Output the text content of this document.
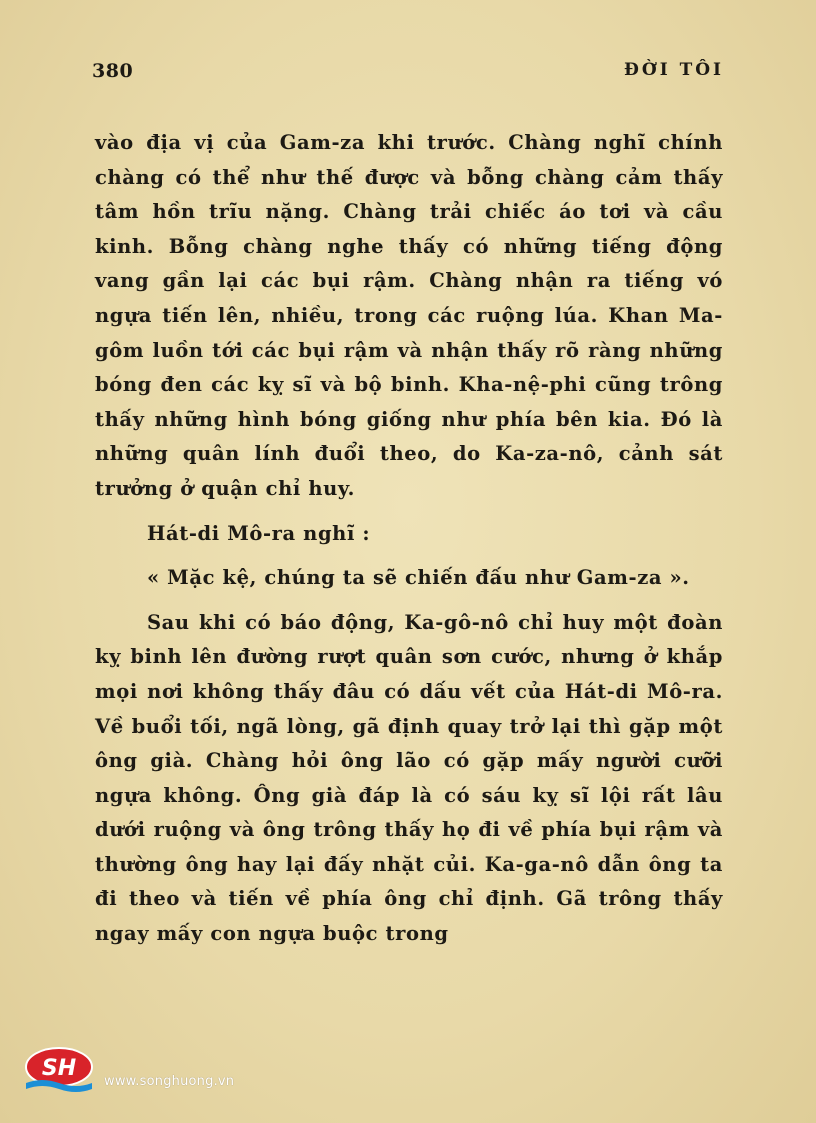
380	ĐỜI TÔI

vào địa vị của Gam-za khi trước. Chàng nghĩ chính chàng có thể như thế được và bỗng chàng cảm thấy tâm hồn trĩu nặng. Chàng trải chiếc áo tơi và cầu kinh. Bỗng chàng nghe thấy có những tiếng động vang gần lại các bụi rậm. Chàng nhận ra tiếng vó ngựa tiến lên, nhiều, trong các ruộng lúa. Khan Ma-gôm luồn tới các bụi rậm và nhận thấy rõ ràng những bóng đen các kỵ sĩ và bộ binh. Kha-nệ-phi cũng trông thấy những hình bóng giống như phía bên kia. Đó là những quân lính đuổi theo, do Ka-za-nô, cảnh sát trưởng ở quận chỉ huy.

Hát-di Mô-ra nghĩ :

« Mặc kệ, chúng ta sẽ chiến đấu như Gam-za ».

Sau khi có báo động, Ka-gô-nô chỉ huy một đoàn kỵ binh lên đường rượt quân sơn cước, nhưng ở khắp mọi nơi không thấy đâu có dấu vết của Hát-di Mô-ra. Về buổi tối, ngã lòng, gã định quay trở lại thì gặp một ông già. Chàng hỏi ông lão có gặp mấy người cưỡi ngựa không. Ông già đáp là có sáu kỵ sĩ lội rất lâu dưới ruộng và ông trông thấy họ đi về phía bụi rậm và thường ông hay lại đấy nhặt củi. Ka-ga-nô dẫn ông ta đi theo và tiến về phía ông chỉ định. Gã trông thấy ngay mấy con ngựa buộc trong

SH
www.songhuong.vn
